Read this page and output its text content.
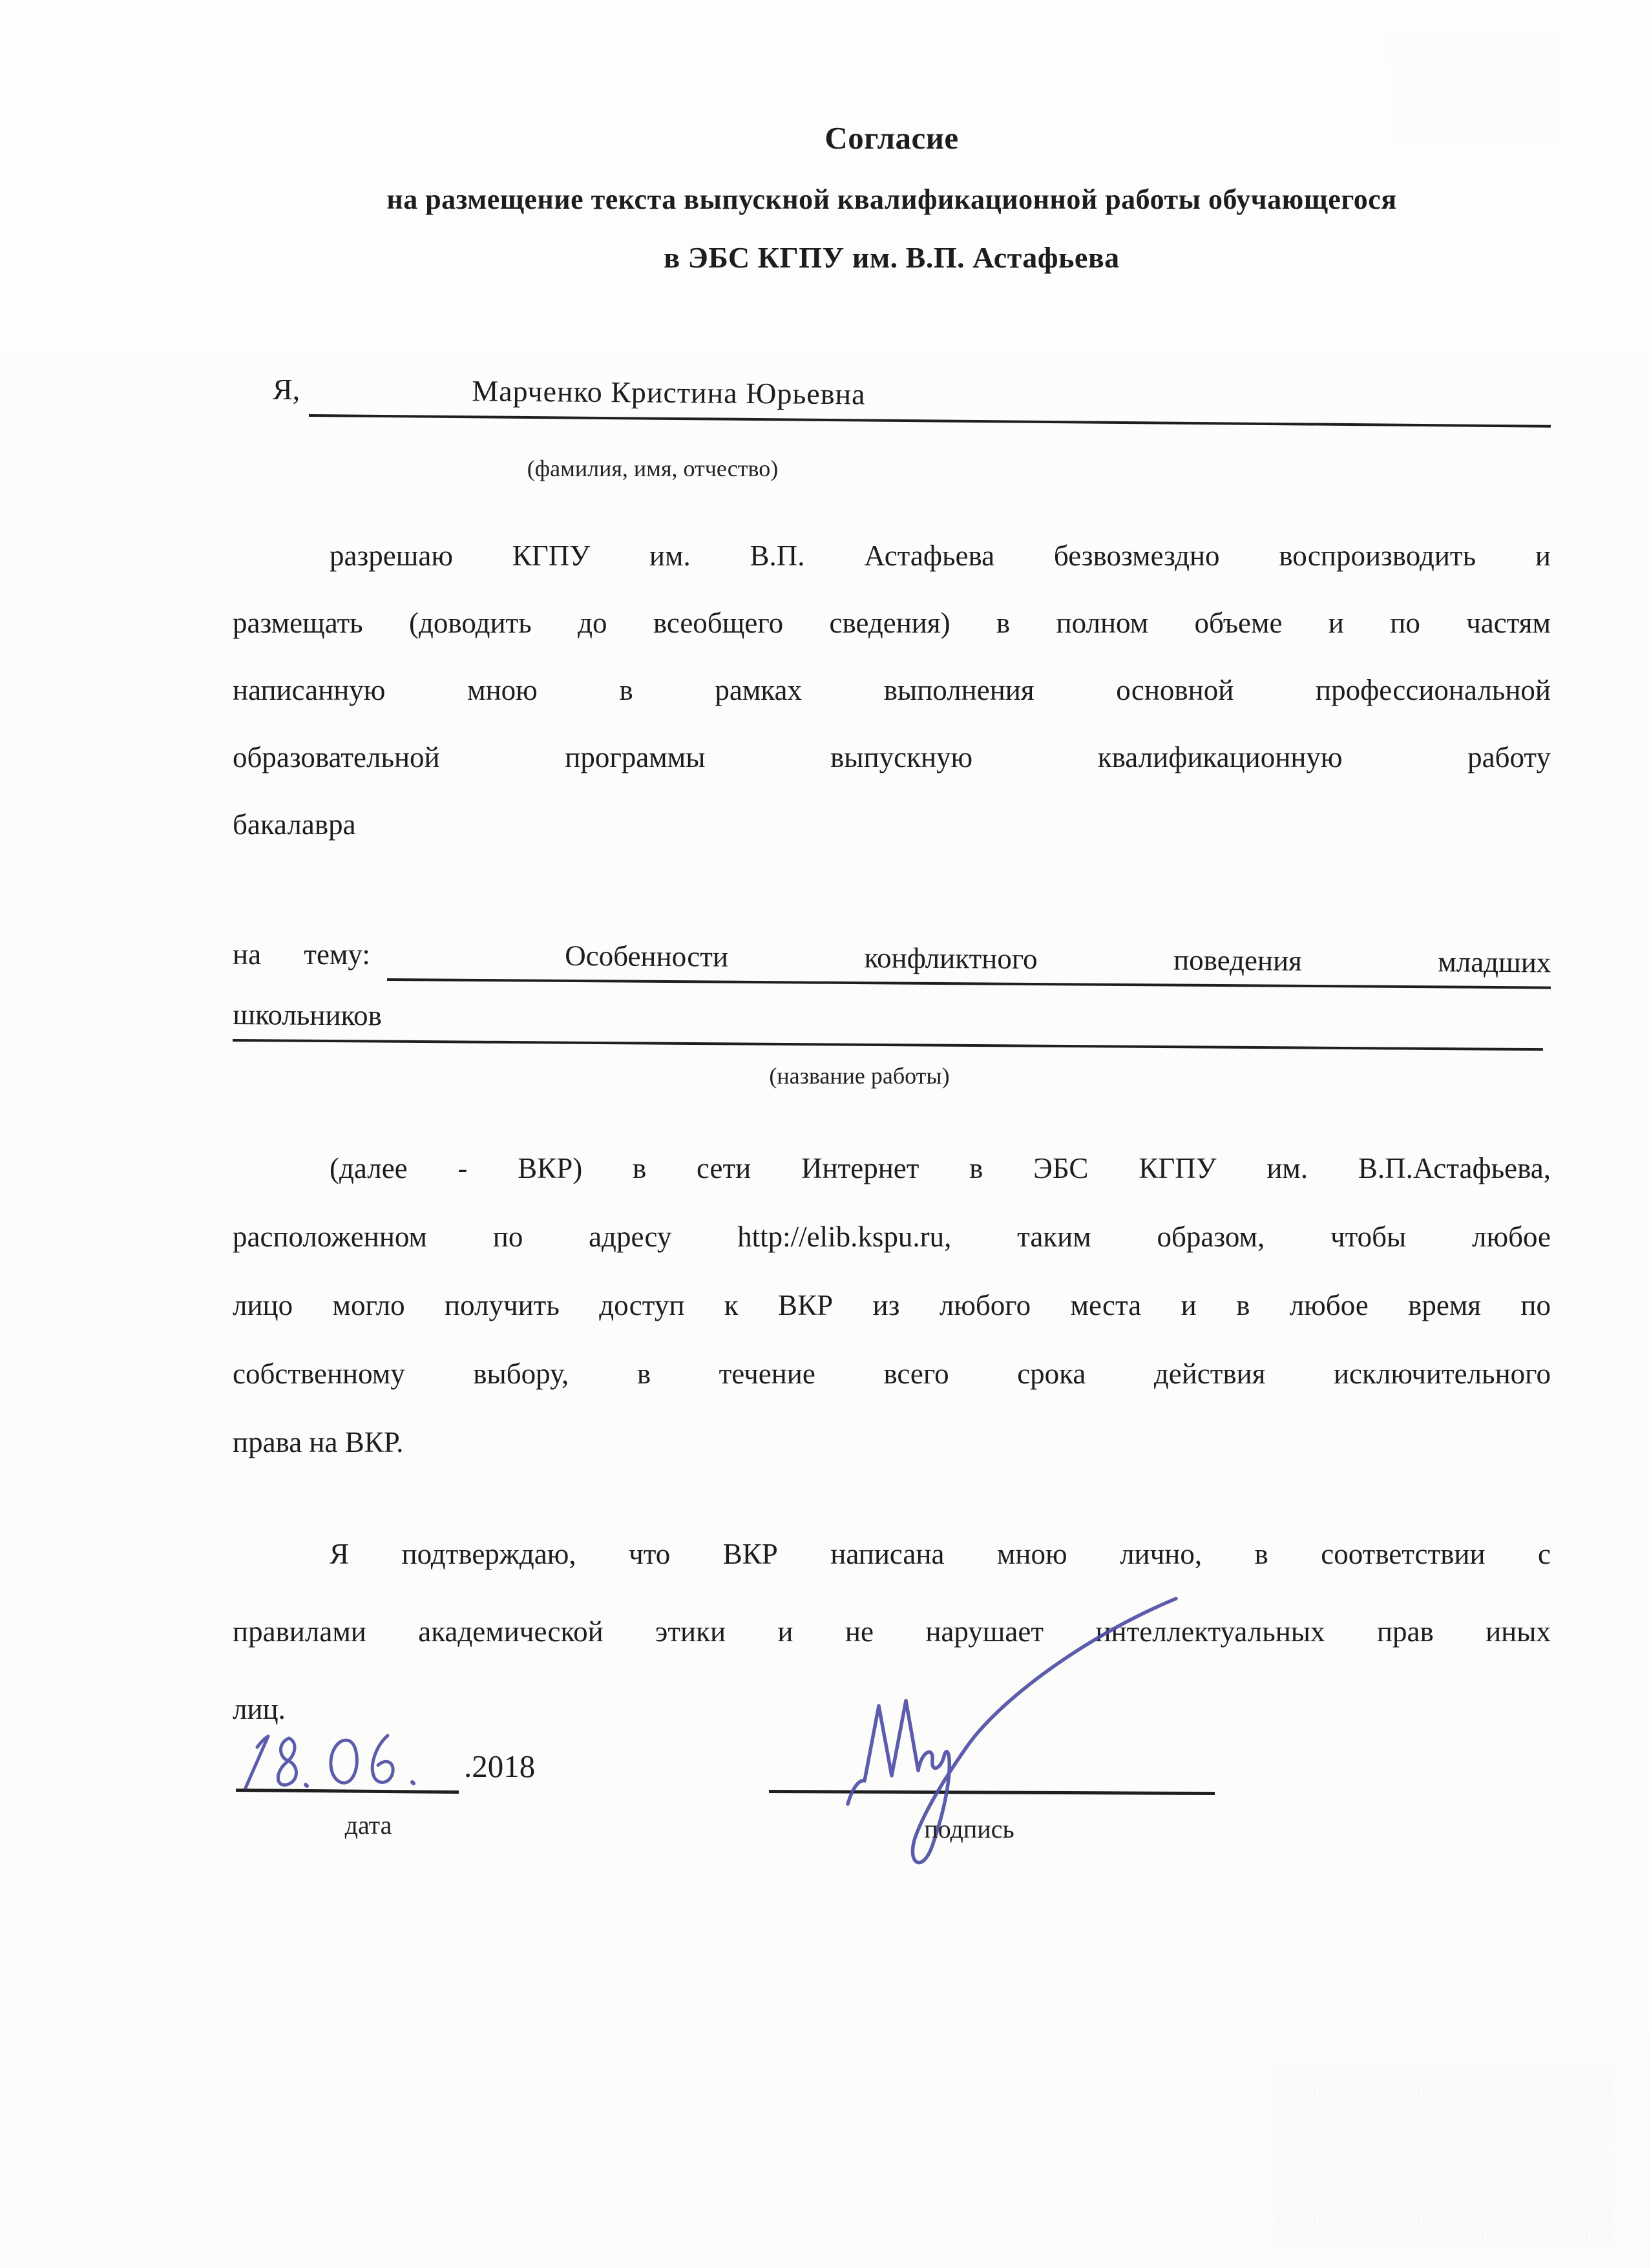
Согласие
на размещение текста выпускной квалификационной работы обучающегося
в ЭБС КГПУ им. В.П. Астафьева
Я,	Марченко Кристина Юрьевна
(фамилия, имя, отчество)
разрешаю КГПУ им. В.П. Астафьева безвозмездно воспроизводить и
размещать (доводить до всеобщего сведения) в полном объеме и по частям
написанную мною в рамках выполнения основной профессиональной
образовательной программы выпускную квалификационную работу
бакалавра
на тему:	Особенности конфликтного поведения младших
школьников
(название работы)
(далее - ВКР) в сети Интернет в ЭБС КГПУ им. В.П.Астафьева,
расположенном по адресу http://elib.kspu.ru, таким образом, чтобы любое
лицо могло получить доступ к ВКР из любого места и в любое время по
собственному выбору, в течение всего срока действия исключительного
права на ВКР.
Я подтверждаю, что ВКР написана мною лично, в соответствии с
правилами академической этики и не нарушает интеллектуальных прав иных
лиц.
.2018
дата	подпись
